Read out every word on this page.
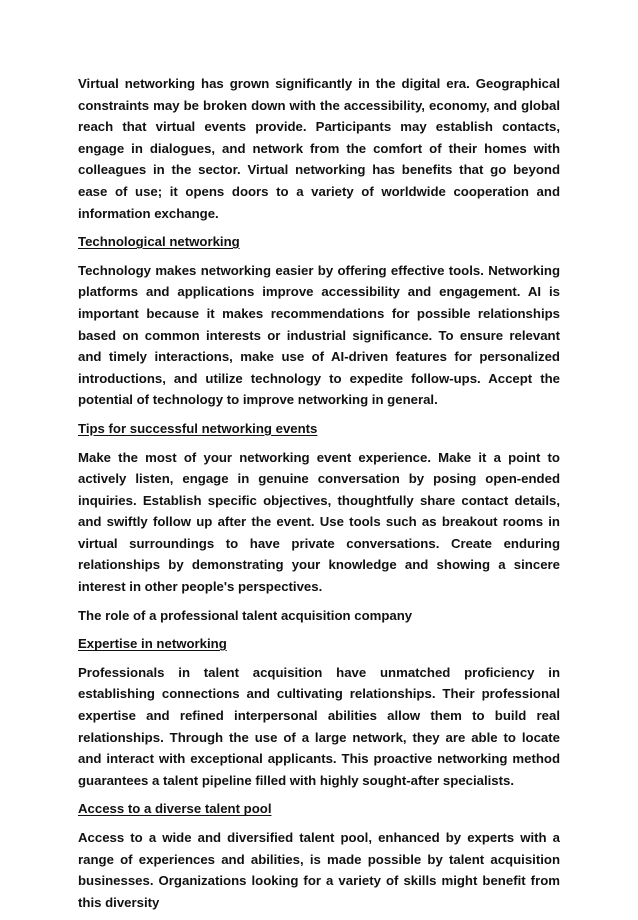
Virtual networking has grown significantly in the digital era. Geographical constraints may be broken down with the accessibility, economy, and global reach that virtual events provide. Participants may establish contacts, engage in dialogues, and network from the comfort of their homes with colleagues in the sector. Virtual networking has benefits that go beyond ease of use; it opens doors to a variety of worldwide cooperation and information exchange.

Technological networking

Technology makes networking easier by offering effective tools. Networking platforms and applications improve accessibility and engagement. AI is important because it makes recommendations for possible relationships based on common interests or industrial significance. To ensure relevant and timely interactions, make use of AI-driven features for personalized introductions, and utilize technology to expedite follow-ups. Accept the potential of technology to improve networking in general.

Tips for successful networking events

Make the most of your networking event experience. Make it a point to actively listen, engage in genuine conversation by posing open-ended inquiries. Establish specific objectives, thoughtfully share contact details, and swiftly follow up after the event. Use tools such as breakout rooms in virtual surroundings to have private conversations. Create enduring relationships by demonstrating your knowledge and showing a sincere interest in other people's perspectives.

The role of a professional talent acquisition company
Expertise in networking

Professionals in talent acquisition have unmatched proficiency in establishing connections and cultivating relationships. Their professional expertise and refined interpersonal abilities allow them to build real relationships. Through the use of a large network, they are able to locate and interact with exceptional applicants. This proactive networking method guarantees a talent pipeline filled with highly sought-after specialists.

Access to a diverse talent pool

Access to a wide and diversified talent pool, enhanced by experts with a range of experiences and abilities, is made possible by talent acquisition businesses. Organizations looking for a variety of skills might benefit from this diversity
